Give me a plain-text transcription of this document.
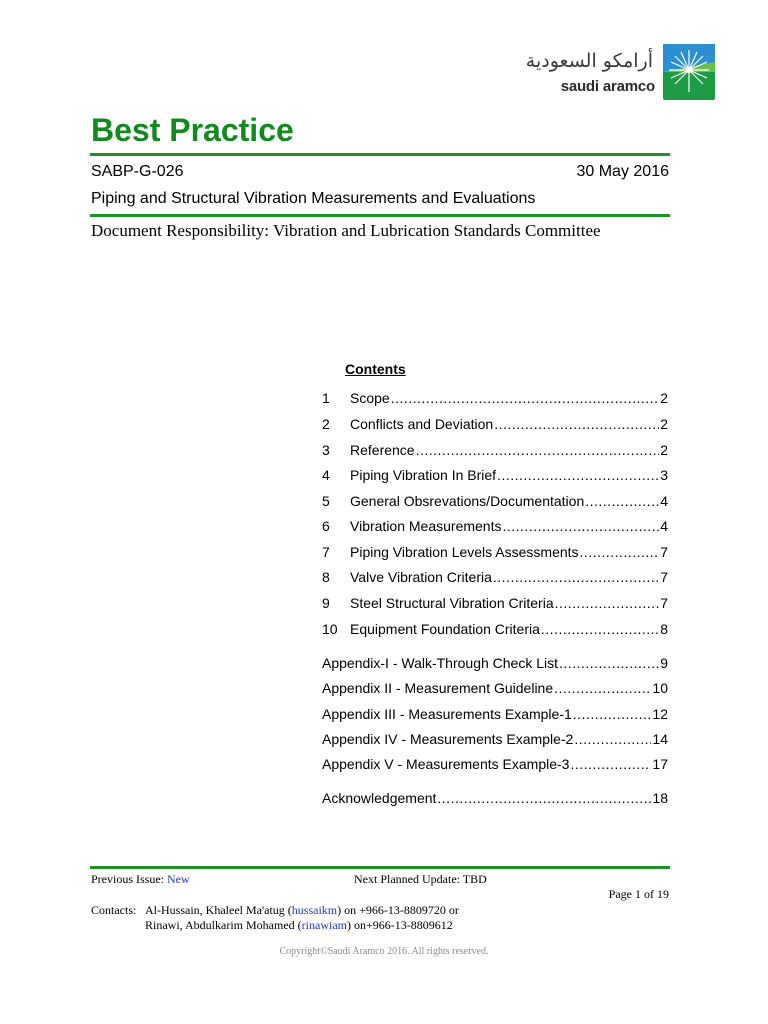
أرامكو السعودية
saudi aramco
Best Practice
SABP-G-026	30 May 2016
Piping and Structural Vibration Measurements and Evaluations
Document Responsibility: Vibration and Lubrication Standards Committee
Contents
1	Scope .....	2
2	Conflicts and Deviation .....	2
3	Reference .....	2
4	Piping Vibration In Brief .....	3
5	General Obsrevations/Documentation .....	4
6	Vibration Measurements .....	4
7	Piping Vibration Levels Assessments .....	7
8	Valve Vibration Criteria .....	7
9	Steel Structural Vibration Criteria .....	7
10 Equipment Foundation Criteria .....	8
Appendix-I - Walk-Through Check List .....	9
Appendix II - Measurement Guideline .....	10
Appendix III - Measurements Example-1 .....	12
Appendix IV - Measurements Example-2 .....	14
Appendix V - Measurements Example-3 .....	17
Acknowledgement .....	18
Previous Issue: New	Next Planned Update: TBD
Page 1 of 19
Contacts: Al-Hussain, Khaleel Ma'atug (hussaikm) on +966-13-8809720 or
Rinawi, Abdulkarim Mohamed (rinawiam) on+966-13-8809612
Copyright©Saudi Aramco 2016. All rights reserved.
